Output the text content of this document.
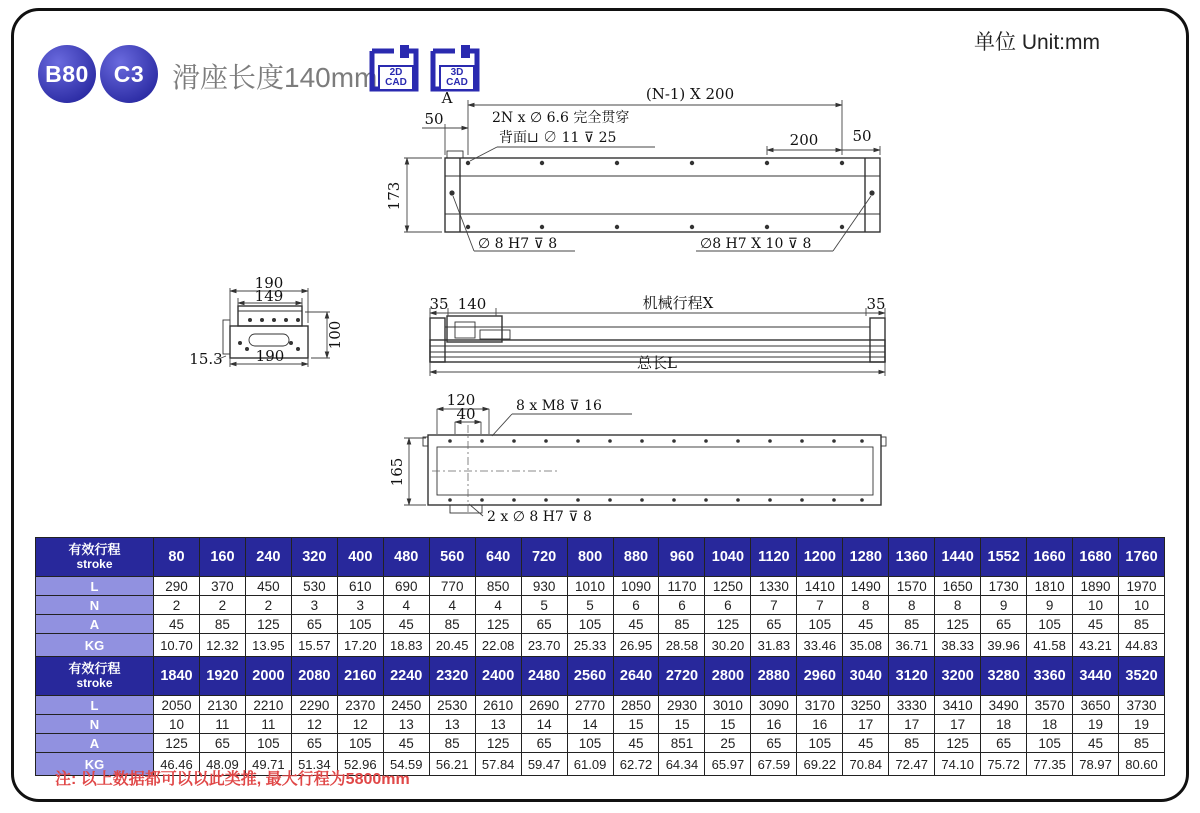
B80 C3 滑座长度140mm	2D
CAD
3D
CAD
单位 Unit:mm
(N-1) X 200
A
50	2N x ∅ 6.6 完全贯穿
背面⊔ ∅ 11 ⊽ 25	200 50
173
∅ 8 H7 ⊽ 8	∅8 H7 X 10 ⊽ 8
190
149
100
15.3 190
35 140	机械行程X	35
总长L
120
40	8 x M8 ⊽ 16
165
2 x ∅ 8 H7 ⊽ 8
有效行程
stroke	80	160	240	320	400	480	560	640	720	800	880	960	1040	1120	1200	1280	1360	1440	1552	1660	1680	1760
L	290	370	450	530	610	690	770	850	930	1010	1090	1170	1250	1330	1410	1490	1570	1650	1730	1810	1890	1970
N	2	2	2	3	3	4	4	4	5	5	6	6	6	7	7	8	8	8	9	9	10	10
A	45	85	125	65	105	45	85	125	65	105	45	85	125	65	105	45	85	125	65	105	45	85
KG	10.70	12.32	13.95	15.57	17.20	18.83	20.45	22.08	23.70	25.33	26.95	28.58	30.20	31.83	33.46	35.08	36.71	38.33	39.96	41.58	43.21	44.83

有效行程
stroke	1840	1920	2000	2080	2160	2240	2320	2400	2480	2560	2640	2720	2800	2880	2960	3040	3120	3200	3280	3360	3440	3520
L	2050	2130	2210	2290	2370	2450	2530	2610	2690	2770	2850	2930	3010	3090	3170	3250	3330	3410	3490	3570	3650	3730
N	10	11	11	12	12	13	13	13	14	14	15	15	15	16	16	17	17	17	18	18	19	19
A	125	65	105	65	105	45	85	125	65	105	45	851	25	65	105	45	85	125	65	105	45	85
KG	46.46	48.09	49.71	51.34	52.96	54.59	56.21	57.84	59.47	61.09	62.72	64.34	65.97	67.59	69.22	70.84	72.47	74.10	75.72	77.35	78.97	80.60
注: 以上数据都可以以此类推, 最大行程为5800mm
